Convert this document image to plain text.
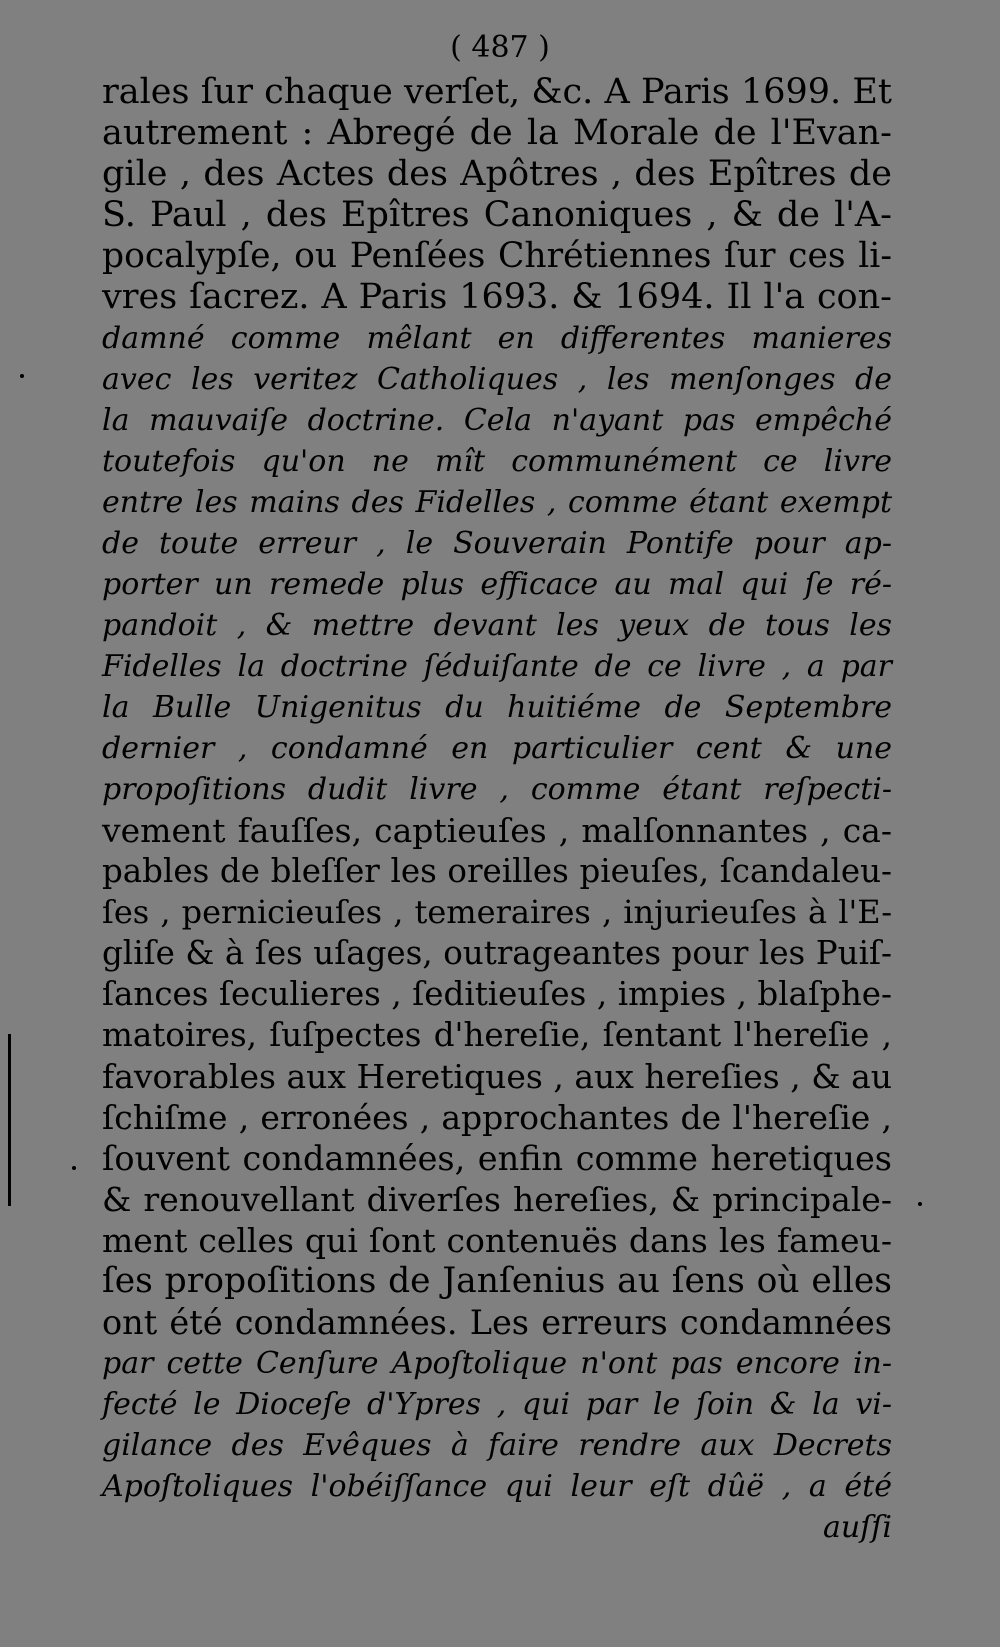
( 487 )
rales ſur chaque verſet, &c. A Paris 1699. Et
autrement : Abregé de la Morale de l'Evan-
gile , des Actes des Apôtres , des Epîtres de
S. Paul , des Epîtres Canoniques , & de l'A-
pocalypſe, ou Penſées Chrétiennes ſur ces li-
vres ſacrez. A Paris 1693. & 1694. Il l'a con-
damné comme mêlant en differentes manieres
avec les veritez Catholiques , les menſonges de
la mauvaiſe doctrine. Cela n'ayant pas empêché
toutefois qu'on ne mît communément ce livre
entre les mains des Fidelles , comme étant exempt
de toute erreur , le Souverain Pontife pour ap-
porter un remede plus efficace au mal qui ſe ré-
pandoit , & mettre devant les yeux de tous les
Fidelles la doctrine ſéduiſante de ce livre , a par
la Bulle Unigenitus du huitiéme de Septembre
dernier , condamné en particulier cent & une
propoſitions dudit livre , comme étant reſpecti-
vement fauſſes, captieuſes , malſonnantes , ca-
pables de bleſſer les oreilles pieuſes, ſcandaleu-
ſes , pernicieuſes , temeraires , injurieuſes à l'E-
gliſe & à ſes uſages, outrageantes pour les Puiſ-
ſances ſeculieres , ſeditieuſes , impies , blaſphe-
matoires, ſuſpectes d'hereſie, ſentant l'hereſie ,
favorables aux Heretiques , aux hereſies , & au
ſchiſme , erronées , approchantes de l'hereſie ,
ſouvent condamnées, enfin comme heretiques
& renouvellant diverſes hereſies, & principale-
ment celles qui ſont contenuës dans les fameu-
ſes propoſitions de Janſenius au ſens où elles
ont été condamnées. Les erreurs condamnées
par cette Cenſure Apoſtolique n'ont pas encore in-
fecté le Dioceſe d'Ypres , qui par le ſoin & la vi-
gilance des Evêques à faire rendre aux Decrets
Apoſtoliques l'obéiſſance qui leur eſt dûë , a été
auſſi
